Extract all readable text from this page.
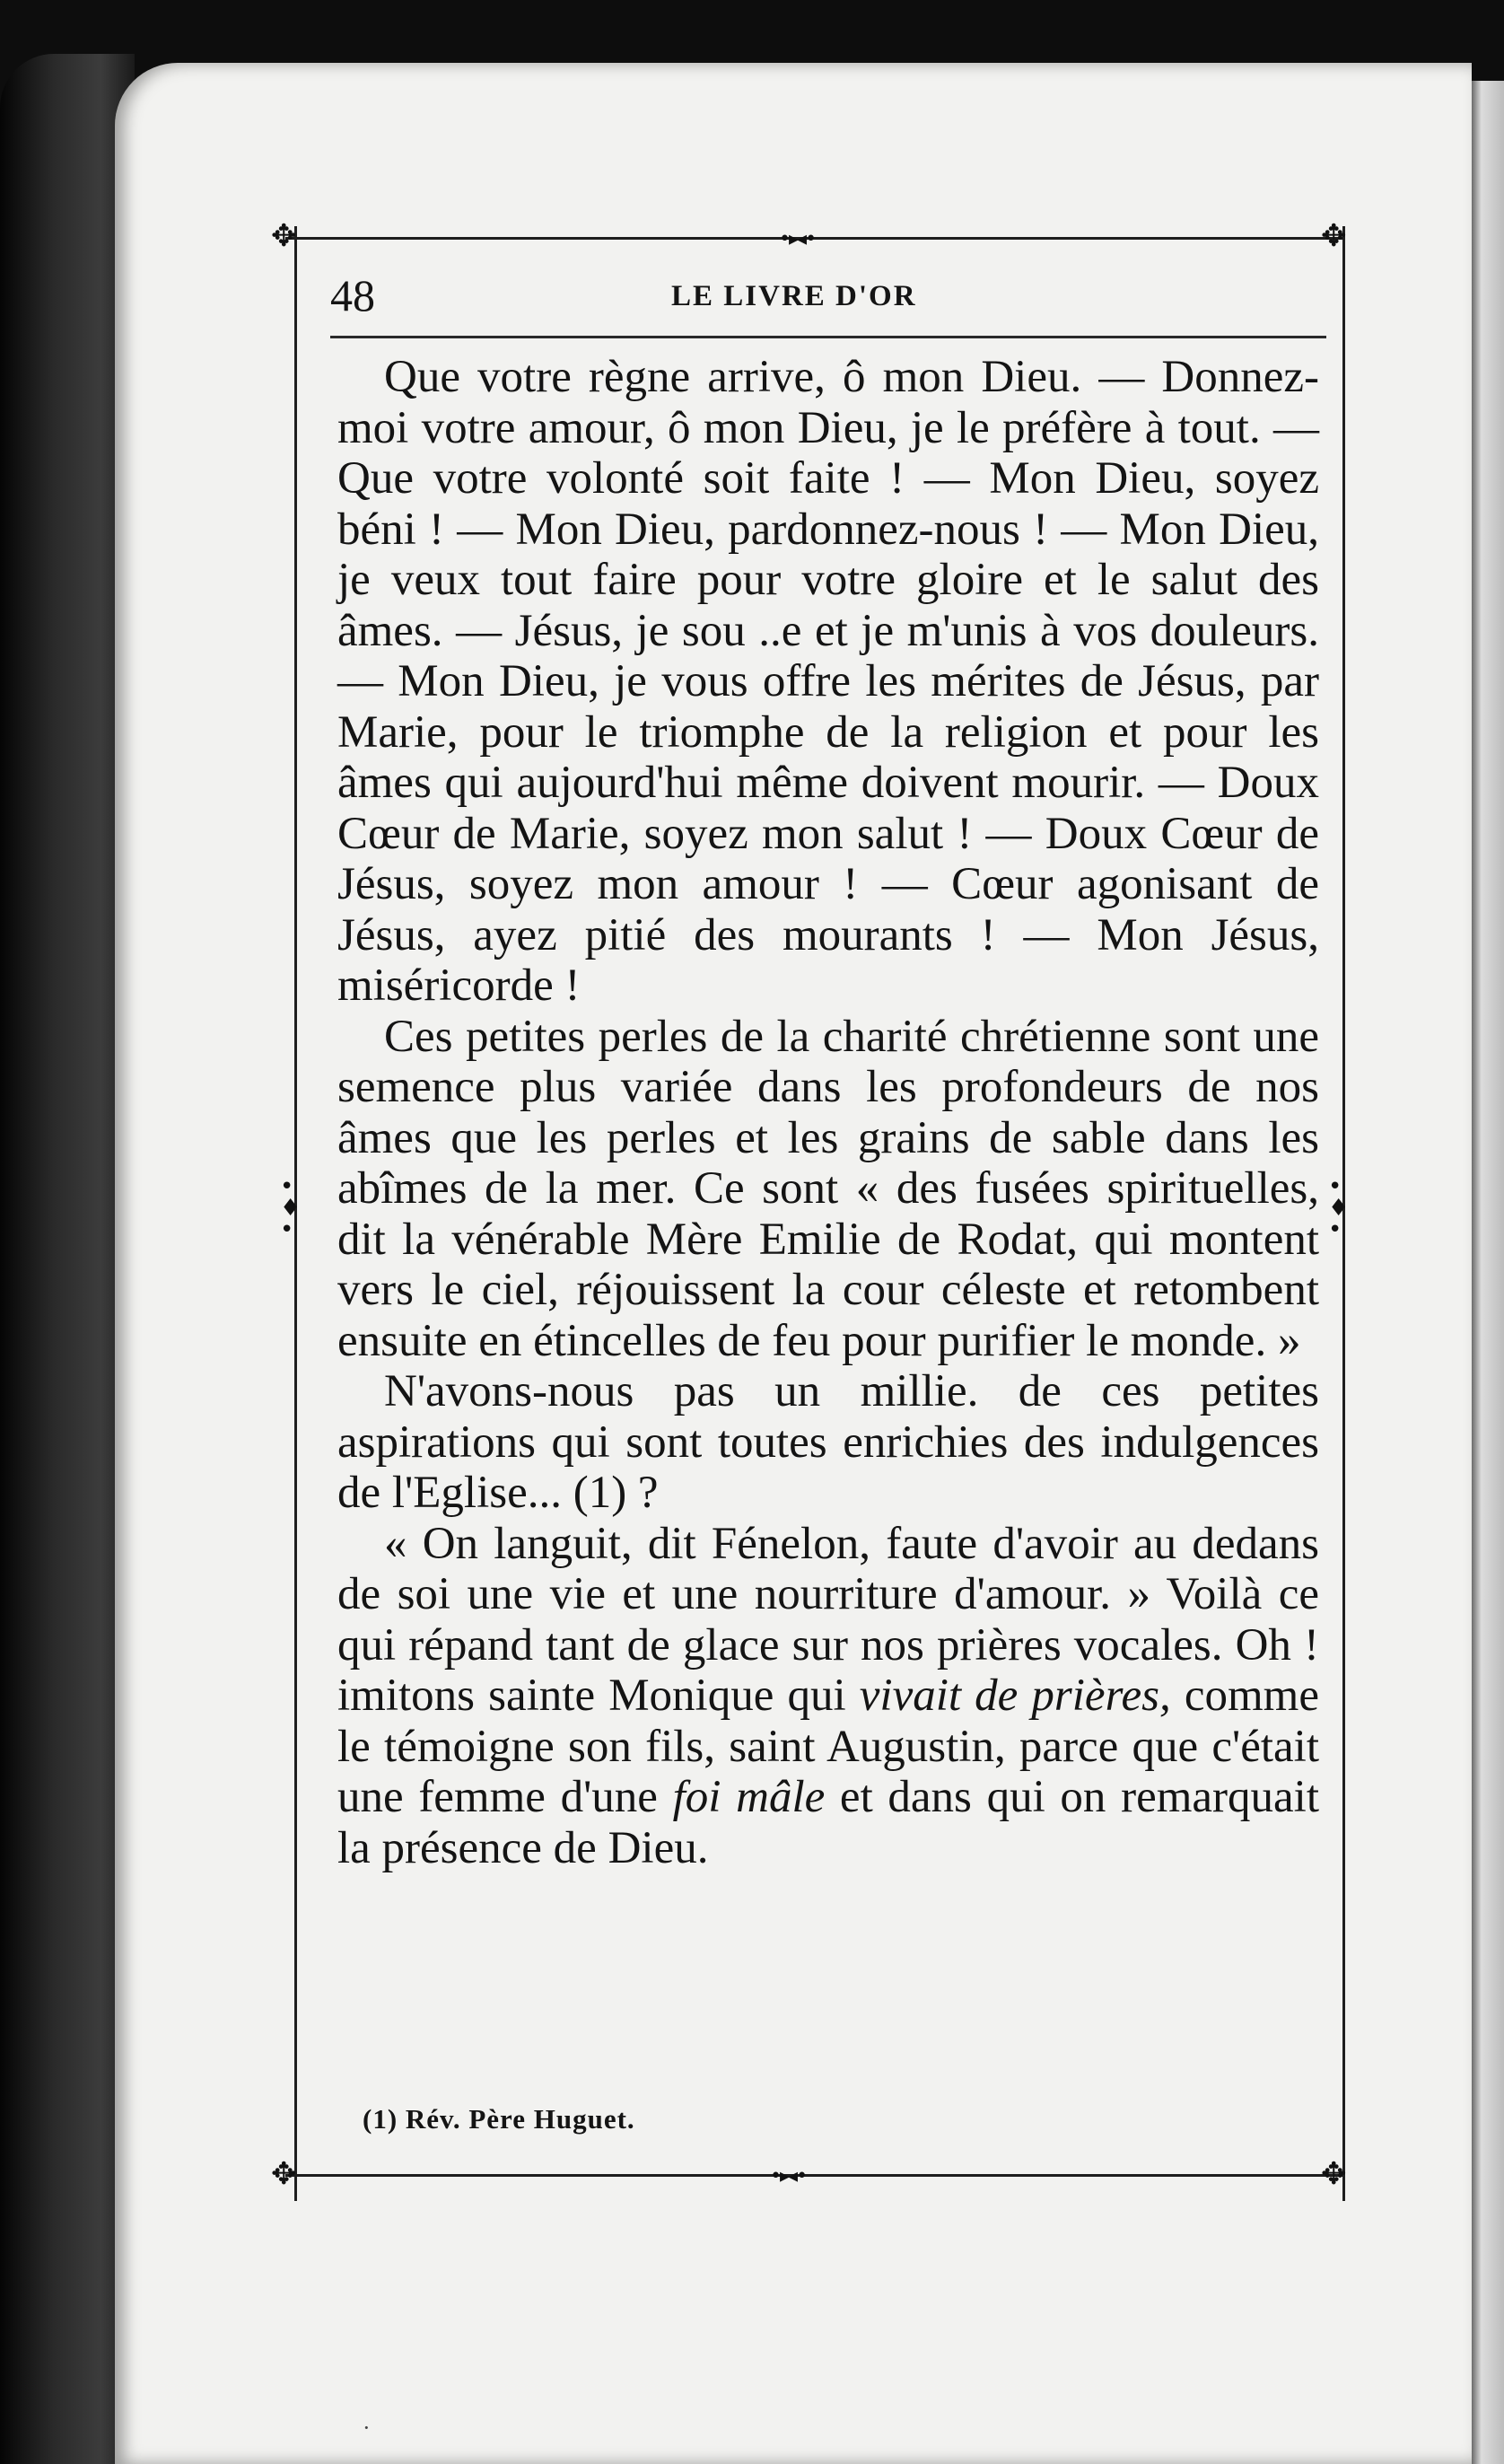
✥	✥
✥	✥
•▸◂•
•▸◂•
•
♦
•
•
♦
•
48	LE LIVRE D'OR

Que votre règne arrive, ô mon Dieu. — Donnez-moi votre amour, ô mon Dieu, je le préfère à tout. — Que votre volonté soit faite ! — Mon Dieu, soyez béni ! — Mon Dieu, pardonnez-nous ! — Mon Dieu, je veux tout faire pour votre gloire et le salut des âmes. — Jésus, je sou ..e et je m'unis à vos douleurs. — Mon Dieu, je vous offre les mérites de Jésus, par Marie, pour le triomphe de la religion et pour les âmes qui aujourd'hui même doivent mourir. — Doux Cœur de Marie, soyez mon salut ! — Doux Cœur de Jésus, soyez mon amour ! — Cœur agonisant de Jésus, ayez pitié des mourants ! — Mon Jésus, miséricorde !

Ces petites perles de la charité chrétienne sont une semence plus variée dans les profondeurs de nos âmes que les perles et les grains de sable dans les abîmes de la mer. Ce sont « des fusées spirituelles, dit la vénérable Mère Emilie de Rodat, qui montent vers le ciel, réjouissent la cour céleste et retombent ensuite en étincelles de feu pour purifier le monde. »

N'avons-nous pas un millie. de ces petites aspirations qui sont toutes enrichies des indulgences de l'Eglise... (1) ?

« On languit, dit Fénelon, faute d'avoir au dedans de soi une vie et une nourriture d'amour. » Voilà ce qui répand tant de glace sur nos prières vocales. Oh ! imitons sainte Monique qui vivait de prières, comme le témoigne son fils, saint Augustin, parce que c'était une femme d'une foi mâle et dans qui on remarquait la présence de Dieu.

(1) Rév. Père Huguet.
·
